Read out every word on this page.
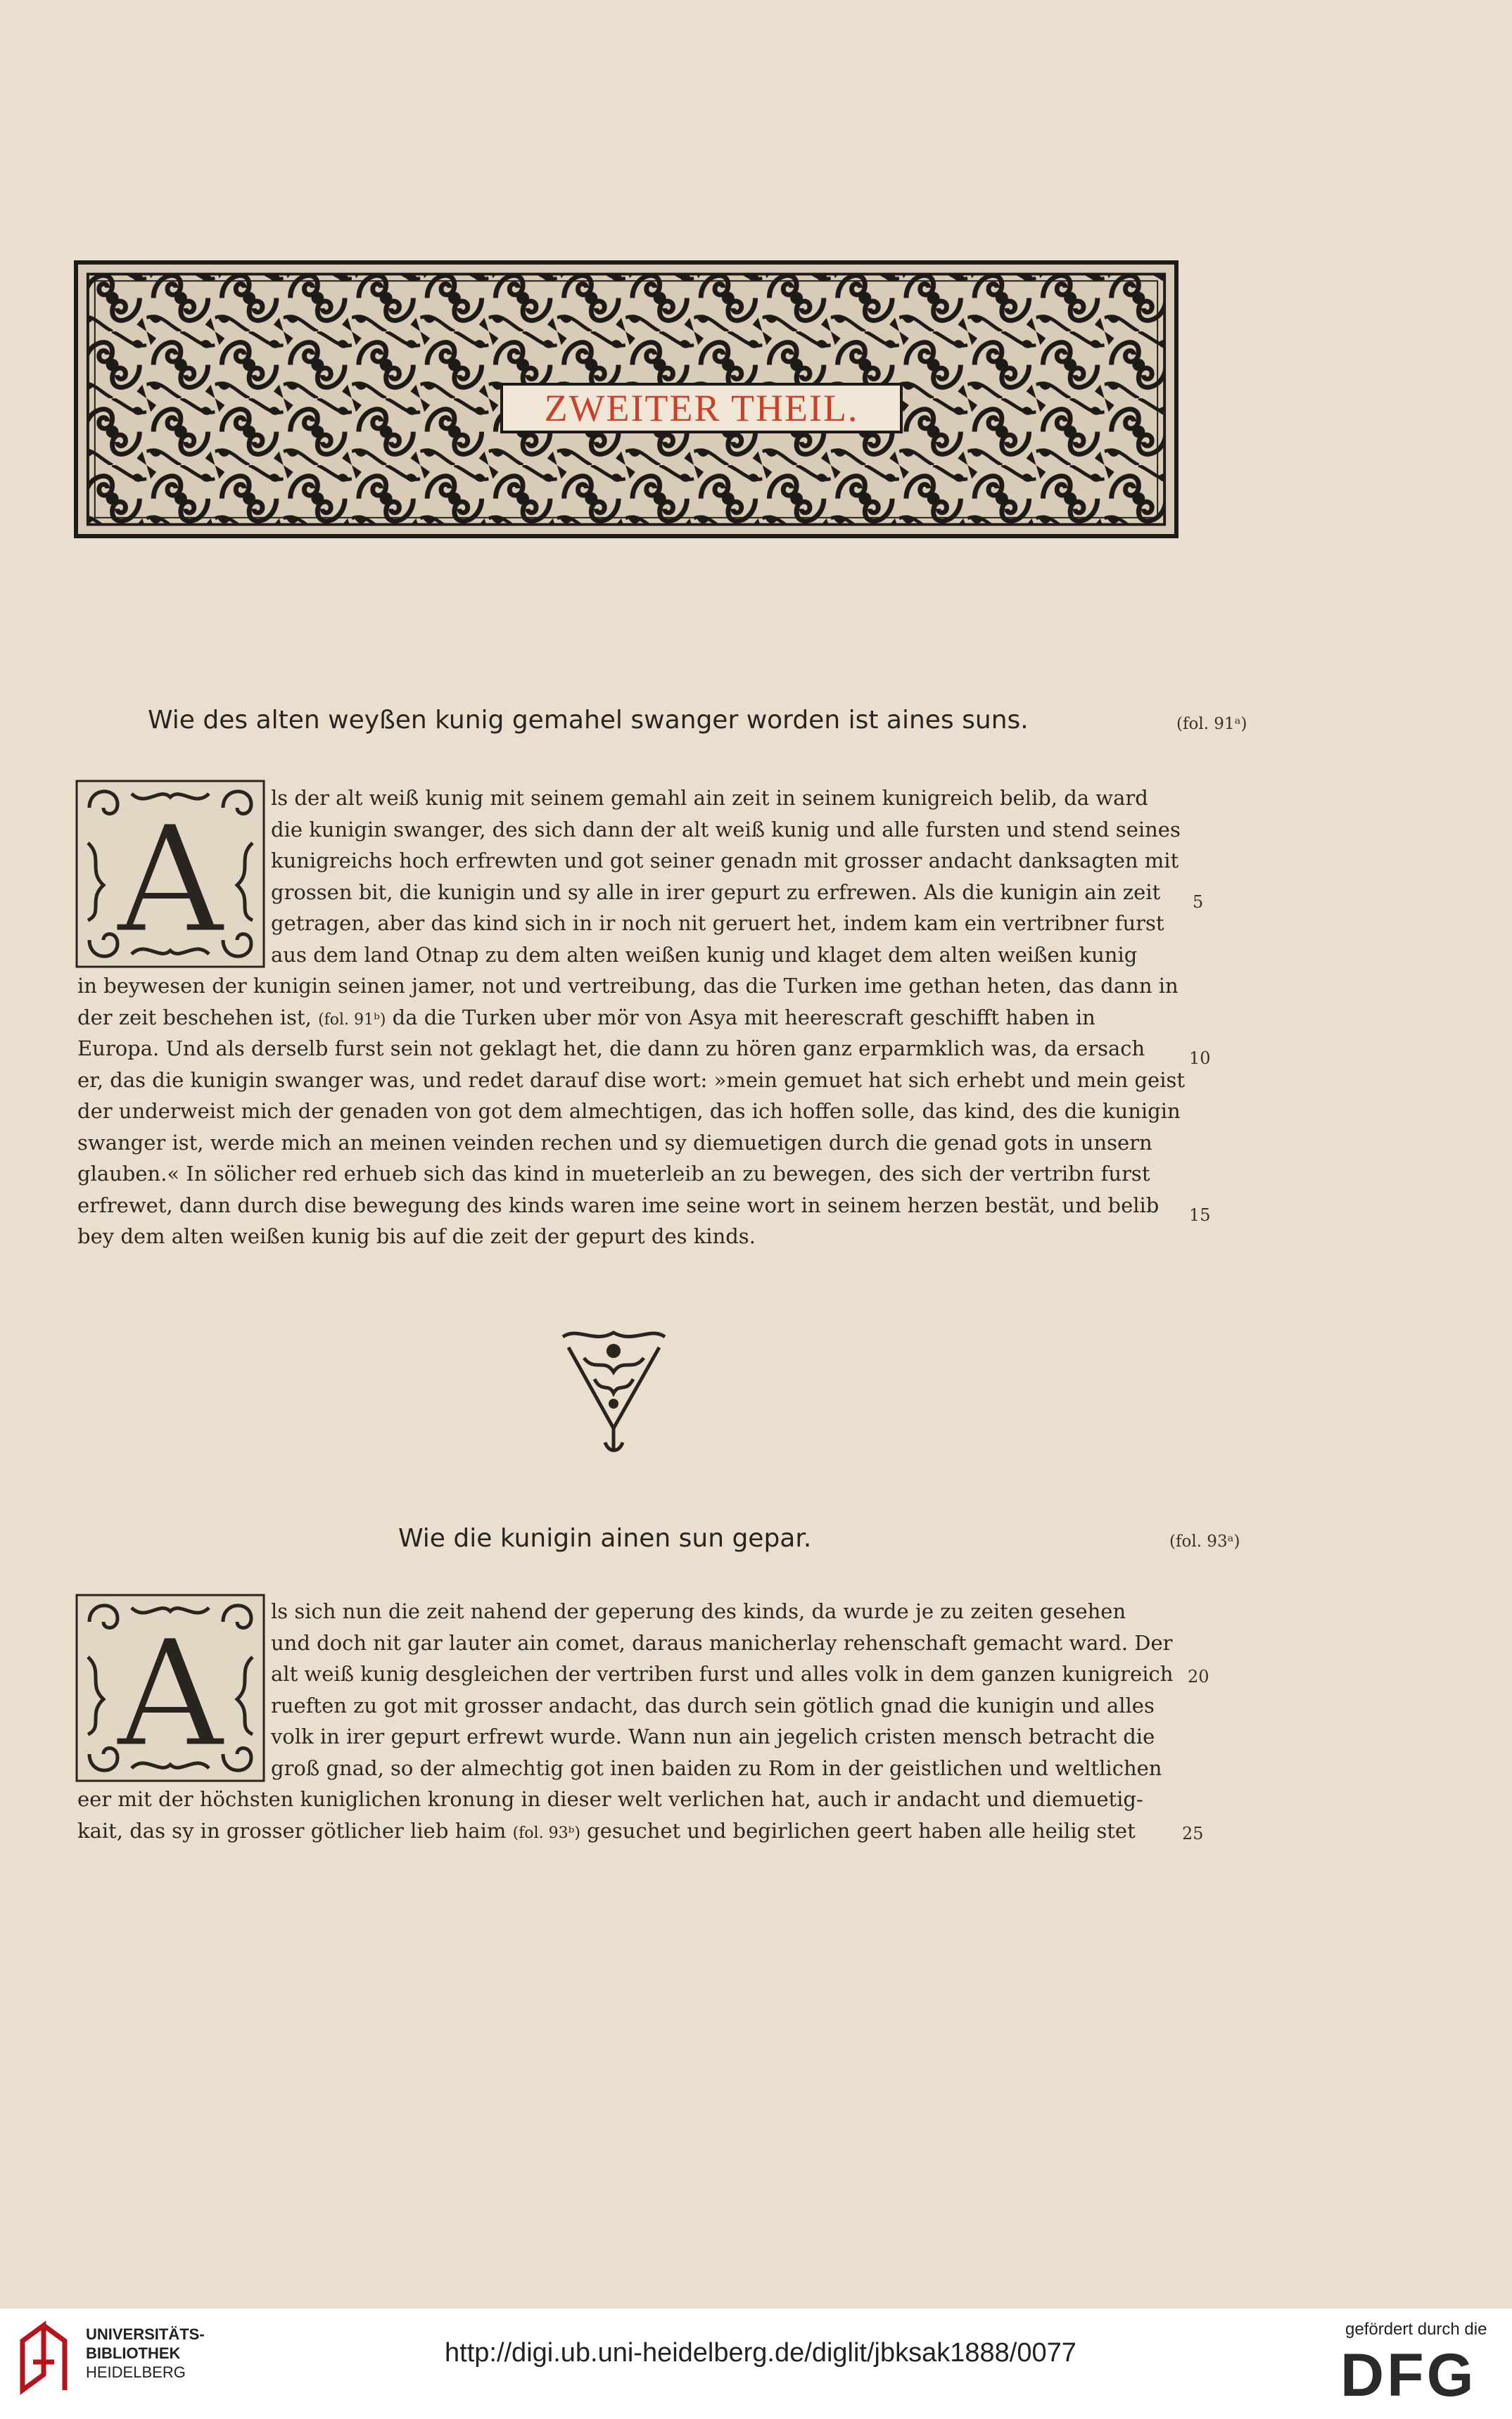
ZWEITER THEIL.
Wie des alten weyßen kunig gemahel swanger worden ist aines suns.	(fol. 91ᵃ)
A	ls der alt weiß kunig mit seinem gemahl ain zeit in seinem kunigreich belib, da ward
die kunigin swanger, des sich dann der alt weiß kunig und alle fursten und stend seines
kunigreichs hoch erfrewten und got seiner genadn mit grosser andacht danksagten mit
grossen bit, die kunigin und sy alle in irer gepurt zu erfrewen. Als die kunigin ain zeit
getragen, aber das kind sich in ir noch nit geruert het, indem kam ein vertribner furst
aus dem land Otnap zu dem alten weißen kunig und klaget dem alten weißen kunig
in beywesen der kunigin seinen jamer, not und vertreibung, das die Turken ime gethan heten, das dann in
der zeit beschehen ist, (fol. 91ᵇ) da die Turken uber mör von Asya mit heerescraft geschifft haben in
Europa. Und als derselb furst sein not geklagt het, die dann zu hören ganz erparmklich was, da ersach
er, das die kunigin swanger was, und redet darauf dise wort: »mein gemuet hat sich erhebt und mein geist
der underweist mich der genaden von got dem almechtigen, das ich hoffen solle, das kind, des die kunigin
swanger ist, werde mich an meinen veinden rechen und sy diemuetigen durch die genad gots in unsern
glauben.« In sölicher red erhueb sich das kind in mueterleib an zu bewegen, des sich der vertribn furst
erfrewet, dann durch dise bewegung des kinds waren ime seine wort in seinem herzen bestät, und belib
bey dem alten weißen kunig bis auf die zeit der gepurt des kinds.
5
10
15
Wie die kunigin ainen sun gepar.	(fol. 93ᵃ)
A	ls sich nun die zeit nahend der geperung des kinds, da wurde je zu zeiten gesehen
und doch nit gar lauter ain comet, daraus manicherlay rehenschaft gemacht ward. Der
alt weiß kunig desgleichen der vertriben furst und alles volk in dem ganzen kunigreich
rueften zu got mit grosser andacht, das durch sein götlich gnad die kunigin und alles
volk in irer gepurt erfrewt wurde. Wann nun ain jegelich cristen mensch betracht die
groß gnad, so der almechtig got inen baiden zu Rom in der geistlichen und weltlichen
eer mit der höchsten kuniglichen kronung in dieser welt verlichen hat, auch ir andacht und diemuetig-
kait, das sy in grosser götlicher lieb haim (fol. 93ᵇ) gesuchet und begirlichen geert haben alle heilig stet
20
25
UNIVERSITÄTS-
BIBLIOTHEK
HEIDELBERG
http://digi.ub.uni-heidelberg.de/diglit/jbksak1888/0077
gefördert durch die
DFG
